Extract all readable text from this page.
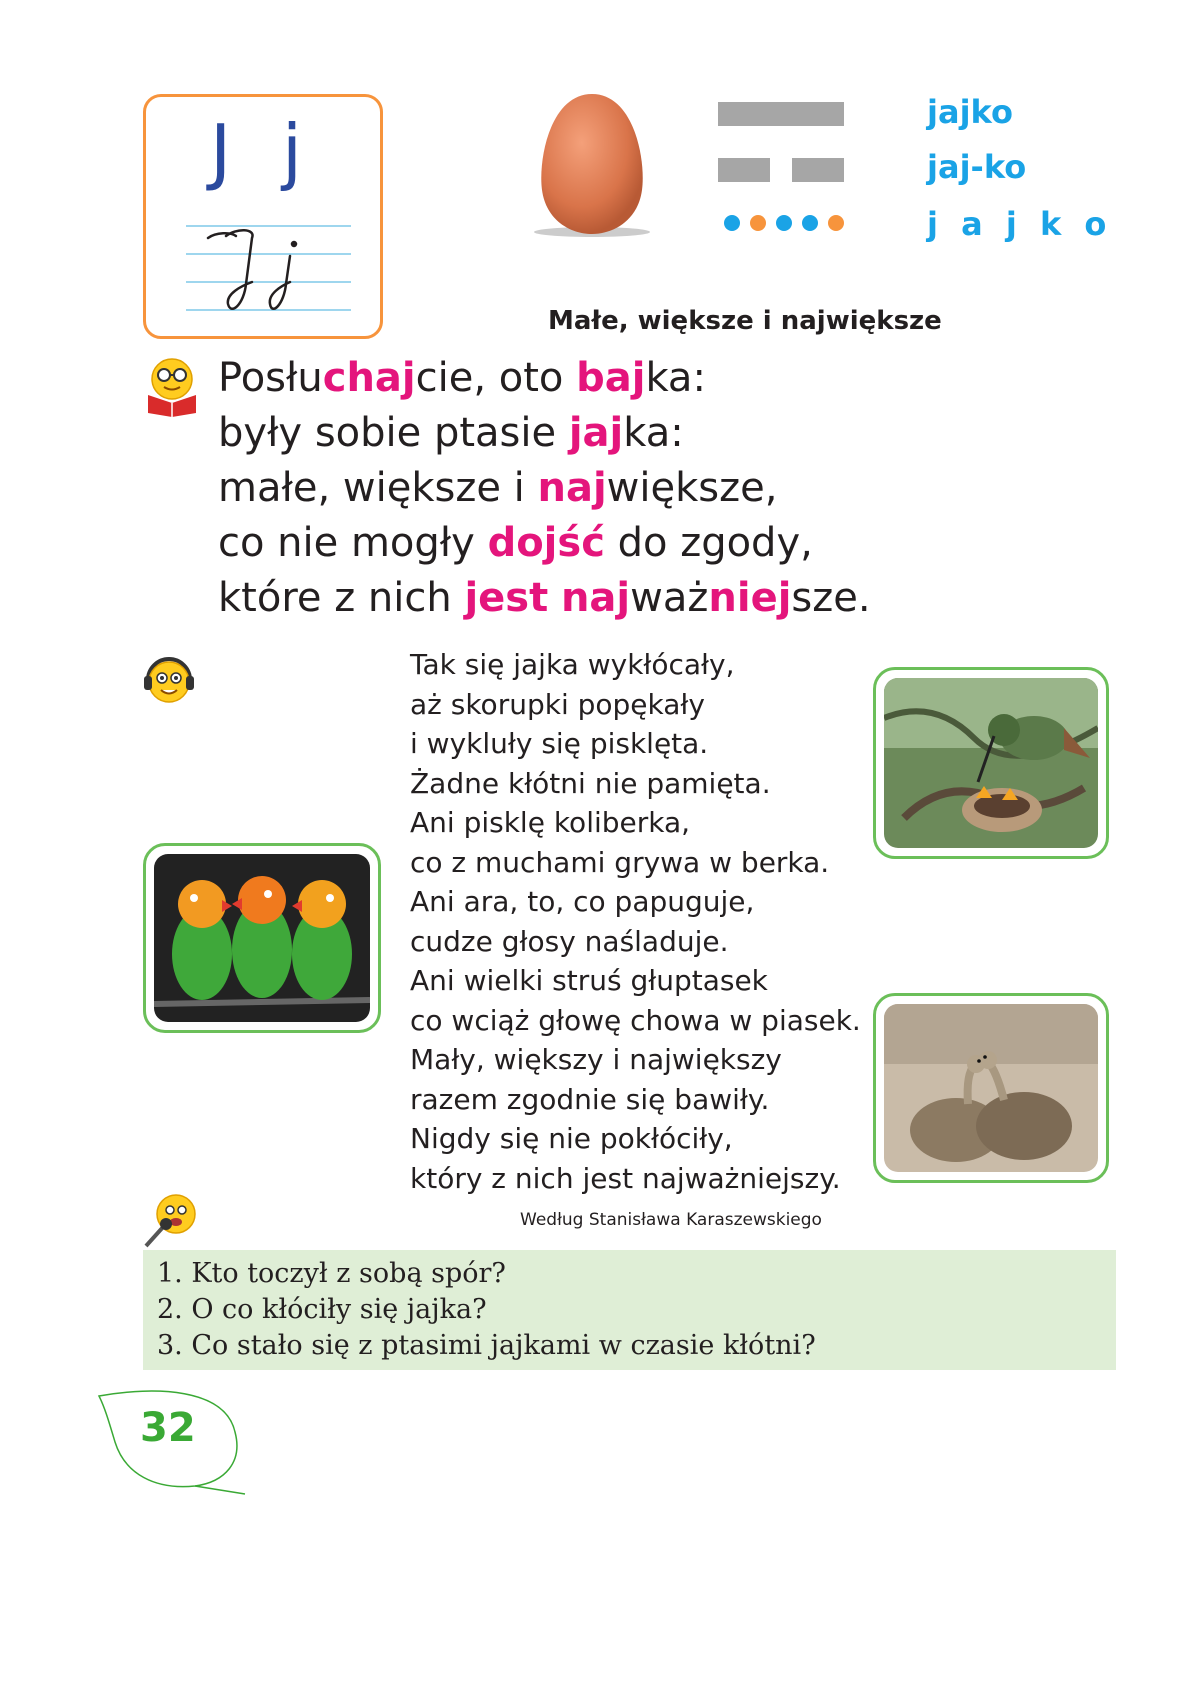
J j	jajko
jaj-ko
j a j k o
Małe, większe i największe
Posłuchajcie, oto bajka:
były sobie ptasie jajka:
małe, większe i największe,
co nie mogły dojść do zgody,
które z nich jest najważniejsze.
Tak się jajka wykłócały,
aż skorupki popękały
i wykluły się pisklęta.
Żadne kłótni nie pamięta.
Ani pisklę koliberka,
co z muchami grywa w berka.
Ani ara, to, co papuguje,
cudze głosy naśladuje.
Ani wielki struś głuptasek
co wciąż głowę chowa w piasek.
Mały, większy i największy
razem zgodnie się bawiły.
Nigdy się nie pokłóciły,
który z nich jest najważniejszy.
Według Stanisława Karaszewskiego
1. Kto toczył z sobą spór?
2. O co kłóciły się jajka?
3. Co stało się z ptasimi jajkami w czasie kłótni?
32
